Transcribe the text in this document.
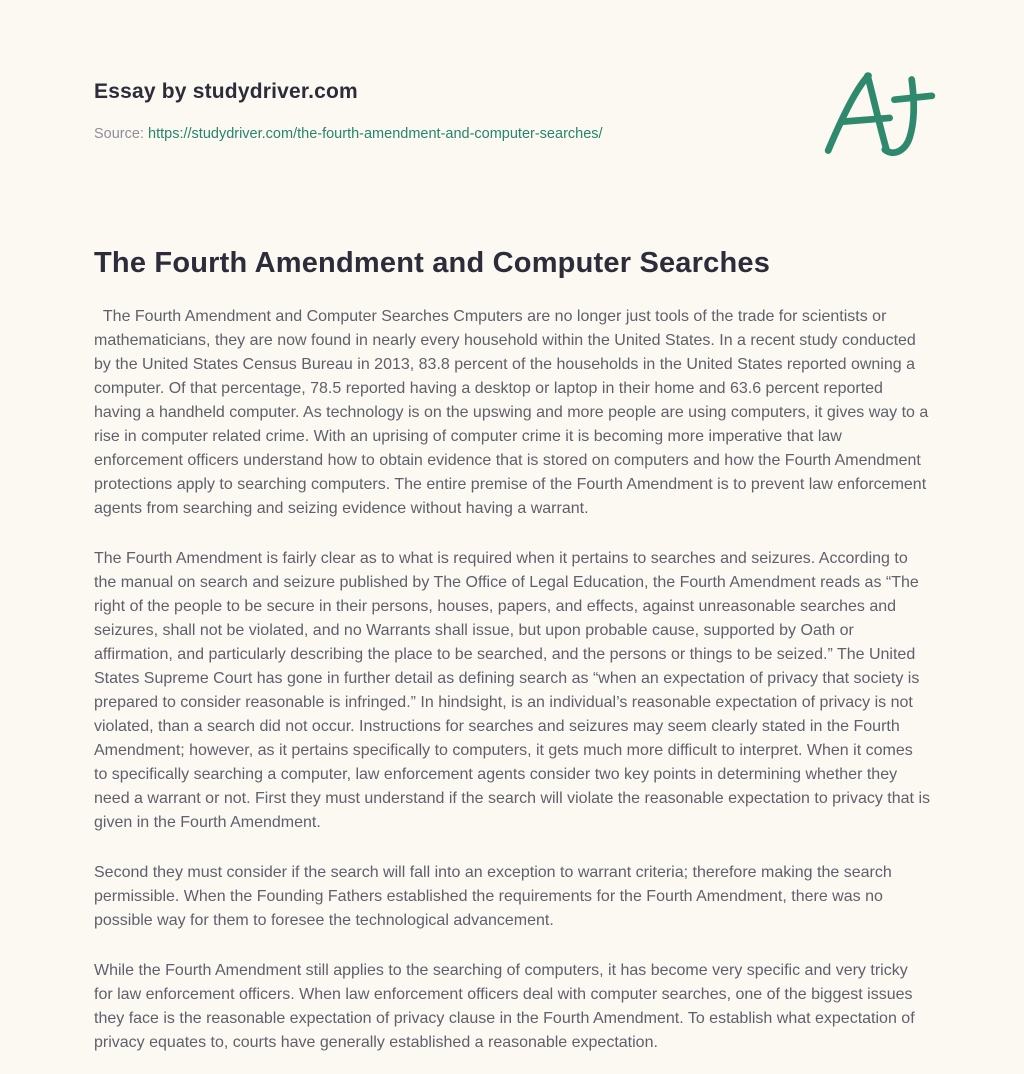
Essay by studydriver.com
Source: https://studydriver.com/the-fourth-amendment-and-computer-searches/
The Fourth Amendment and Computer Searches

The Fourth Amendment and Computer Searches Cmputers are no longer just tools of the trade for scientists or mathematicians, they are now found in nearly every household within the United States. In a recent study conducted by the United States Census Bureau in 2013, 83.8 percent of the households in the United States reported owning a computer. Of that percentage, 78.5 reported having a desktop or laptop in their home and 63.6 percent reported having a handheld computer. As technology is on the upswing and more people are using computers, it gives way to a rise in computer related crime. With an uprising of computer crime it is becoming more imperative that law enforcement officers understand how to obtain evidence that is stored on computers and how the Fourth Amendment protections apply to searching computers. The entire premise of the Fourth Amendment is to prevent law enforcement agents from searching and seizing evidence without having a warrant.

The Fourth Amendment is fairly clear as to what is required when it pertains to searches and seizures. According to the manual on search and seizure published by The Office of Legal Education, the Fourth Amendment reads as “The right of the people to be secure in their persons, houses, papers, and effects, against unreasonable searches and seizures, shall not be violated, and no Warrants shall issue, but upon probable cause, supported by Oath or affirmation, and particularly describing the place to be searched, and the persons or things to be seized.” The United States Supreme Court has gone in further detail as defining search as “when an expectation of privacy that society is prepared to consider reasonable is infringed.” In hindsight, is an individual’s reasonable expectation of privacy is not violated, than a search did not occur. Instructions for searches and seizures may seem clearly stated in the Fourth Amendment; however, as it pertains specifically to computers, it gets much more difficult to interpret. When it comes to specifically searching a computer, law enforcement agents consider two key points in determining whether they need a warrant or not. First they must understand if the search will violate the reasonable expectation to privacy that is given in the Fourth Amendment.

Second they must consider if the search will fall into an exception to warrant criteria; therefore making the search permissible. When the Founding Fathers established the requirements for the Fourth Amendment, there was no possible way for them to foresee the technological advancement.

While the Fourth Amendment still applies to the searching of computers, it has become very specific and very tricky for law enforcement officers. When law enforcement officers deal with computer searches, one of the biggest issues they face is the reasonable expectation of privacy clause in the Fourth Amendment. To establish what expectation of privacy equates to, courts have generally established a reasonable expectation.
